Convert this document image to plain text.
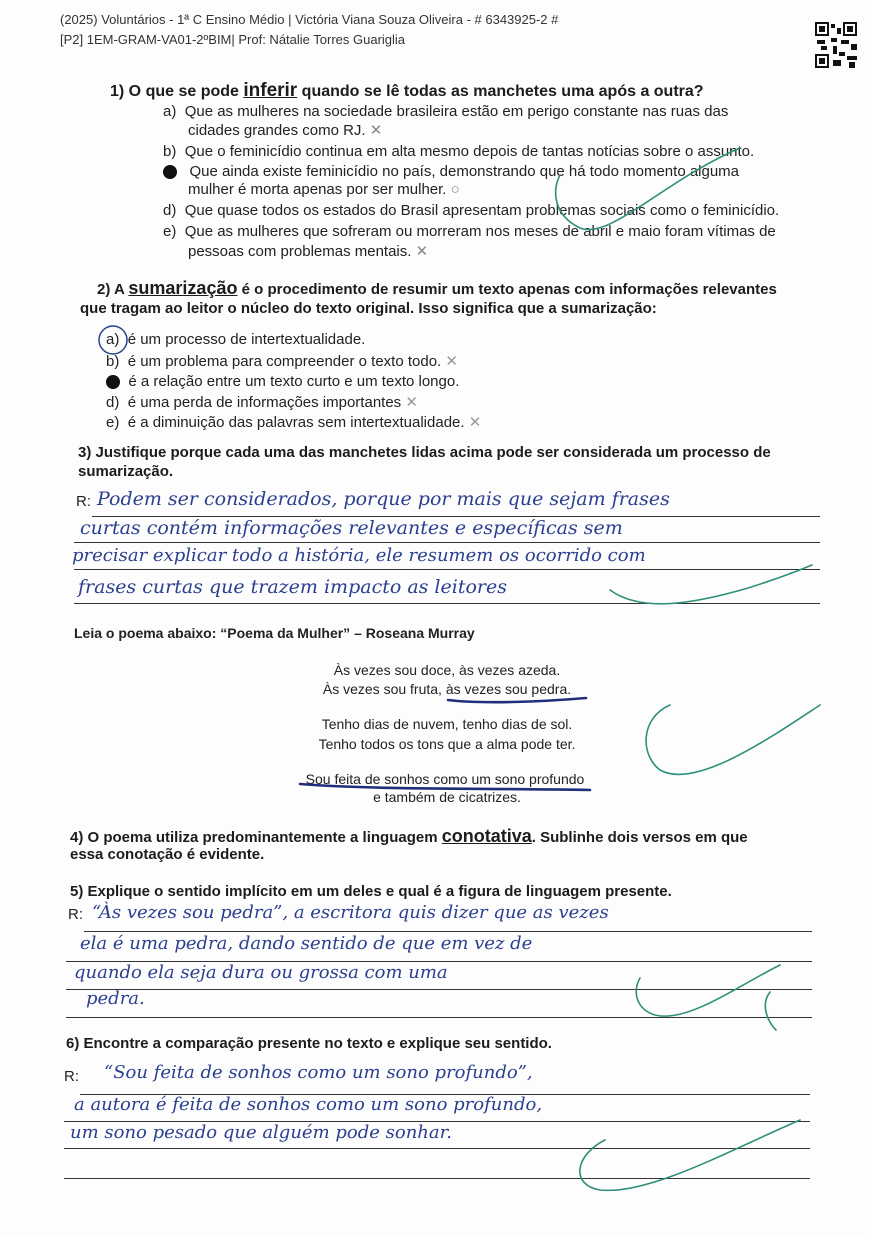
(2025) Voluntários - 1ª C Ensino Médio | Victória Viana Souza Oliveira - # 6343925-2 #
[P2] 1EM-GRAM-VA01-2ºBIM| Prof: Nátalie Torres Guariglia
1) O que se pode inferir quando se lê todas as manchetes uma após a outra?
a) Que as mulheres na sociedade brasileira estão em perigo constante nas ruas das
cidades grandes como RJ. ✕
b) Que o feminicídio continua em alta mesmo depois de tantas notícias sobre o assunto.
Que ainda existe feminicídio no país, demonstrando que há todo momento alguma
mulher é morta apenas por ser mulher. ○
d) Que quase todos os estados do Brasil apresentam problemas sociais como o feminicídio.
e) Que as mulheres que sofreram ou morreram nos meses de abril e maio foram vítimas de
pessoas com problemas mentais. ✕
2) A sumarização é o procedimento de resumir um texto apenas com informações relevantes
que tragam ao leitor o núcleo do texto original. Isso significa que a sumarização:
a) é um processo de intertextualidade.
b) é um problema para compreender o texto todo. ✕
é a relação entre um texto curto e um texto longo.
d) é uma perda de informações importantes ✕
e) é a diminuição das palavras sem intertextualidade. ✕
3) Justifique porque cada uma das manchetes lidas acima pode ser considerada um processo de
sumarização.
R: Podem ser considerados, porque por mais que sejam frases
curtas contém informações relevantes e específicas sem
precisar explicar todo a história, ele resumem os ocorrido com
frases curtas que trazem impacto as leitores
Leia o poema abaixo: “Poema da Mulher” – Roseana Murray
Às vezes sou doce, às vezes azeda.
Às vezes sou fruta, às vezes sou pedra.
Tenho dias de nuvem, tenho dias de sol.
Tenho todos os tons que a alma pode ter.
Sou feita de sonhos como um sono profundo
e também de cicatrizes.
4) O poema utiliza predominantemente a linguagem conotativa. Sublinhe dois versos em que
essa conotação é evidente.
5) Explique o sentido implícito em um deles e qual é a figura de linguagem presente.
R: “Às vezes sou pedra”, a escritora quis dizer que as vezes
ela é uma pedra, dando sentido de que em vez de
quando ela seja dura ou grossa com uma
pedra.
6) Encontre a comparação presente no texto e explique seu sentido.
R: “Sou feita de sonhos como um sono profundo”,
a autora é feita de sonhos como um sono profundo,
um sono pesado que alguém pode sonhar.
